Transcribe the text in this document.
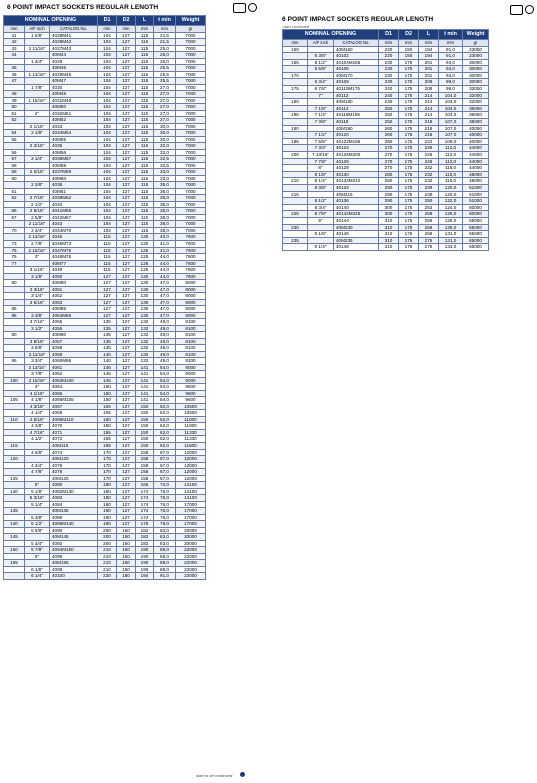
6 POINT IMPACT SOCKETS REGULAR LENGTH
6 POINT IMPACT SOCKETS REGULAR LENGTH
start continued
NOMINAL OPENING			D1	D2	L	t min	Weight	
mm	A/F inch	CATALOG No.	mm	mm	mm	mm	gr	
41	1 5/8"	4028M41	104	127	115	21,5	7000	
42		4028M42	104	127	115	21,5	7000	
43	1 11/16"	4027M43	104	127	115	25,0	7000	
44		40M44	104	127	115	25,0	7000	
	1 3/4"	4028	104	127	115	25,0	7000	
45		40M45	104	127	115	25,5	7000	
46	1 13/16"	4029M46	104	127	115	25,5	7000	
47		40M47	104	127	115	25,5	7000	
	1 7/8"	4030	104	127	115	27,0	7000	
48		40M48	104	127	115	27,0	7000	
49	1 15/16"	4031M49	104	127	115	27,0	7000	
50		40M50	104	127	115	27,0	7000	
51	2"	4032M51	104	127	115	27,0	7000	
52		40M52	104	127	115	27,0	7000	
	2 1/16"	4033	104	127	115	30,0	7000	
54	2 1/8"	4034M54	104	127	115	30,0	7000	
55		40M55	104	127	115	30,0	7000	
	2 3/16"	4035	104	127	115	32,0	7000	
56		40M56	104	127	115	32,0	7000	
57	2 1/4"	4036M57	104	127	115	32,5	7000	
58		40M58	104	127	115	32,5	7000	
59	2 5/16"	4037M59	104	127	115	33,0	7000	
60		40M60	104	127	115	33,0	7000	
	2 3/8"	4038	104	127	115	35,0	7000	
61		40M61	104	127	115	35,0	7000	
62	2 7/16"	4039M62	104	127	115	35,0	7000	
	2 1/2"	4040	104	127	115	35,0	7000	
65	2 9/16"	4041M65	104	127	115	35,0	7000	
67	2 5/8"	4042M67	104	127	115	38,0	7000	
	2 11/16"	4043	104	127	115	38,0	7000	
70	2 3/4"	4044M70	104	127	115	38,0	7000	
	2 13/16"	4045	115	127	125	40,0	7600	
73	2 7/8"	4046M73	115	127	125	41,0	7600	
75	2 15/16"	4047M75	115	127	125	41,0	7600	
76	3"	4048M76	115	127	125	44,0	7600	
77		40M77	115	127	125	44,0	7600	
	3 1/16"	4049	115	127	125	44,0	7600	
	3 1/8"	4050	127	127	125	44,0	7600	
80		40M80	127	127	130	47,0	8000	
	3 3/16"	4051	127	127	130	47,0	8000	
	3 1/4"	4052	127	127	130	47,0	8000	
	3 5/16"	4053	127	127	130	47,0	8000	
85		40M85	127	127	130	47,0	8000	
86	3 3/8"	4054M86	127	127	130	47,0	8000	
	3 7/16"	4055	135	127	132	49,0	8100	
	3 1/2"	4056	135	127	132	49,0	8100	
90		40M90	135	127	132	49,0	8100	
	3 9/16"	4057	135	127	132	49,0	8100	
	3 5/8"	4058	135	127	132	49,0	8100	
	3 11/16"	4059	140	127	132	49,0	8100	
95	3 3/4"	4060M95	140	127	132	49,0	8200	
	3 13/16"	4061	145	127	141	54,0	9000	
	3 7/8"	4062	145	127	141	54,0	9000	
100	3 15/16"	4063M100	145	127	141	54,0	9000	
	4"	4064	150	127	141	54,0	9600	
	4 1/16"	4065	150	127	141	54,0	9600	
105	4 1/8"	4066M105	150	127	141	54,0	9600	
	4 3/16"	4067	155	127	150	62,0	10500	
	4 1/4"	4068	155	127	150	62,0	10500	
110	4 5/16"	4069M110	160	127	150	62,0	11000	
	4 3/8"	4070	160	127	150	62,0	11000	
	4 7/16"	4071	165	127	150	62,0	11330	
	4 1/2"	4072	165	127	150	62,0	11330	
115		40M115	165	127	150	62,0	11500	
	4 5/8"	4074	170	127	158	67,0	12000	
120		40M120	170	127	158	67,0	12000	
	4 3/4"	4076	170	127	158	67,0	12000	
	4 7/8"	4078	170	127	158	67,0	12000	
125		40M125	170	127	158	67,0	12000	
	5"	4080	180	127	165	72,0	14100	
130	5 1/8"	4082M130	180	127	174	76,0	14100	
	5 3/16"	4083	180	127	174	76,0	14100	
	5 1/4"	4084	190	127	174	76,0	17000	
135		40M135	190	127	174	76,0	17000	
	5 3/8"	4086	190	127	174	76,0	17000	
140	5 1/2"	4088M140	190	127	176	79,0	17000	
	5 5/8"	4090	200	150	182	83,0	20000	
145		40M145	200	150	182	83,0	20000	
	5 3/4"	4092	200	150	182	83,0	20000	
150	5 7/8"	4094M150	210	150	190	88,0	22000	
	6"	4096	210	150	190	88,0	22000	
155		40M155	210	150	190	88,0	22000	
	6 1/8"	4098	210	150	190	88,0	22000	
	6 1/4"	40100	220	150	194	91,0	23000	
start to be continued
NOMINAL OPENING			D1	D2	L	t min	Weight	
mm	A/F inch	CATALOG No.	mm	mm	mm	mm	gr	
160		40M160	220	150	194	91,0	23000	
	6 3/8"	40102	220	150	194	91,0	23000	
165	6 1/2"	40104M165	230	175	201	94,0	30000	
	6 5/8"	40106	230	175	201	94,0	30000	
170		40M170	230	175	201	94,0	30000	
	6 3/4"	40108	230	175	208	99,0	30000	
175	6 7/8"	40110M175	240	175	208	99,0	32000	
	7"	40112	240	175	214	104,0	32000	
180		40M180	240	175	214	104,0	32000	
	7 1/8"	40114	250	175	214	104,0	36000	
185	7 1/4"	40116M185	250	175	214	104,0	36000	
	7 3/8"	40118	250	175	218	107,0	36000	
190		40M190	260	175	218	107,0	40000	
	7 1/2"	40120	260	175	218	107,0	40000	
195	7 5/8"	40122M195	260	175	222	109,0	40000	
	7 3/4"	40124	270	175	226	112,0	44000	
200	7 13/16"	40125M200	270	175	226	112,0	44000	
	7 7/8"	40126	270	175	226	112,0	44000	
	8"	40128	270	175	232	115,0	44000	
	8 1/8"	40130	280	175	232	115,0	48000	
210	8 1/4"	40132M210	280	175	232	115,0	48000	
	8 3/8"	40134	290	175	239	120,0	51000	
215		40M215	290	175	239	120,0	51000	
	8 1/2"	40136	290	175	250	122,0	51000	
	8 3/4"	40140	300	175	253	124,0	60000	
225	8 7/8"	40142M225	300	175	258	126,0	60000	
	9"	40144	310	175	258	128,0	65000	
230		40M230	310	175	258	128,0	65000	
	9 1/8"	40146	310	175	258	131,0	65000	
235		40M235	310	175	275	131,0	65000	
	9 1/4"	40148	310	175	275	133,0	65000	
